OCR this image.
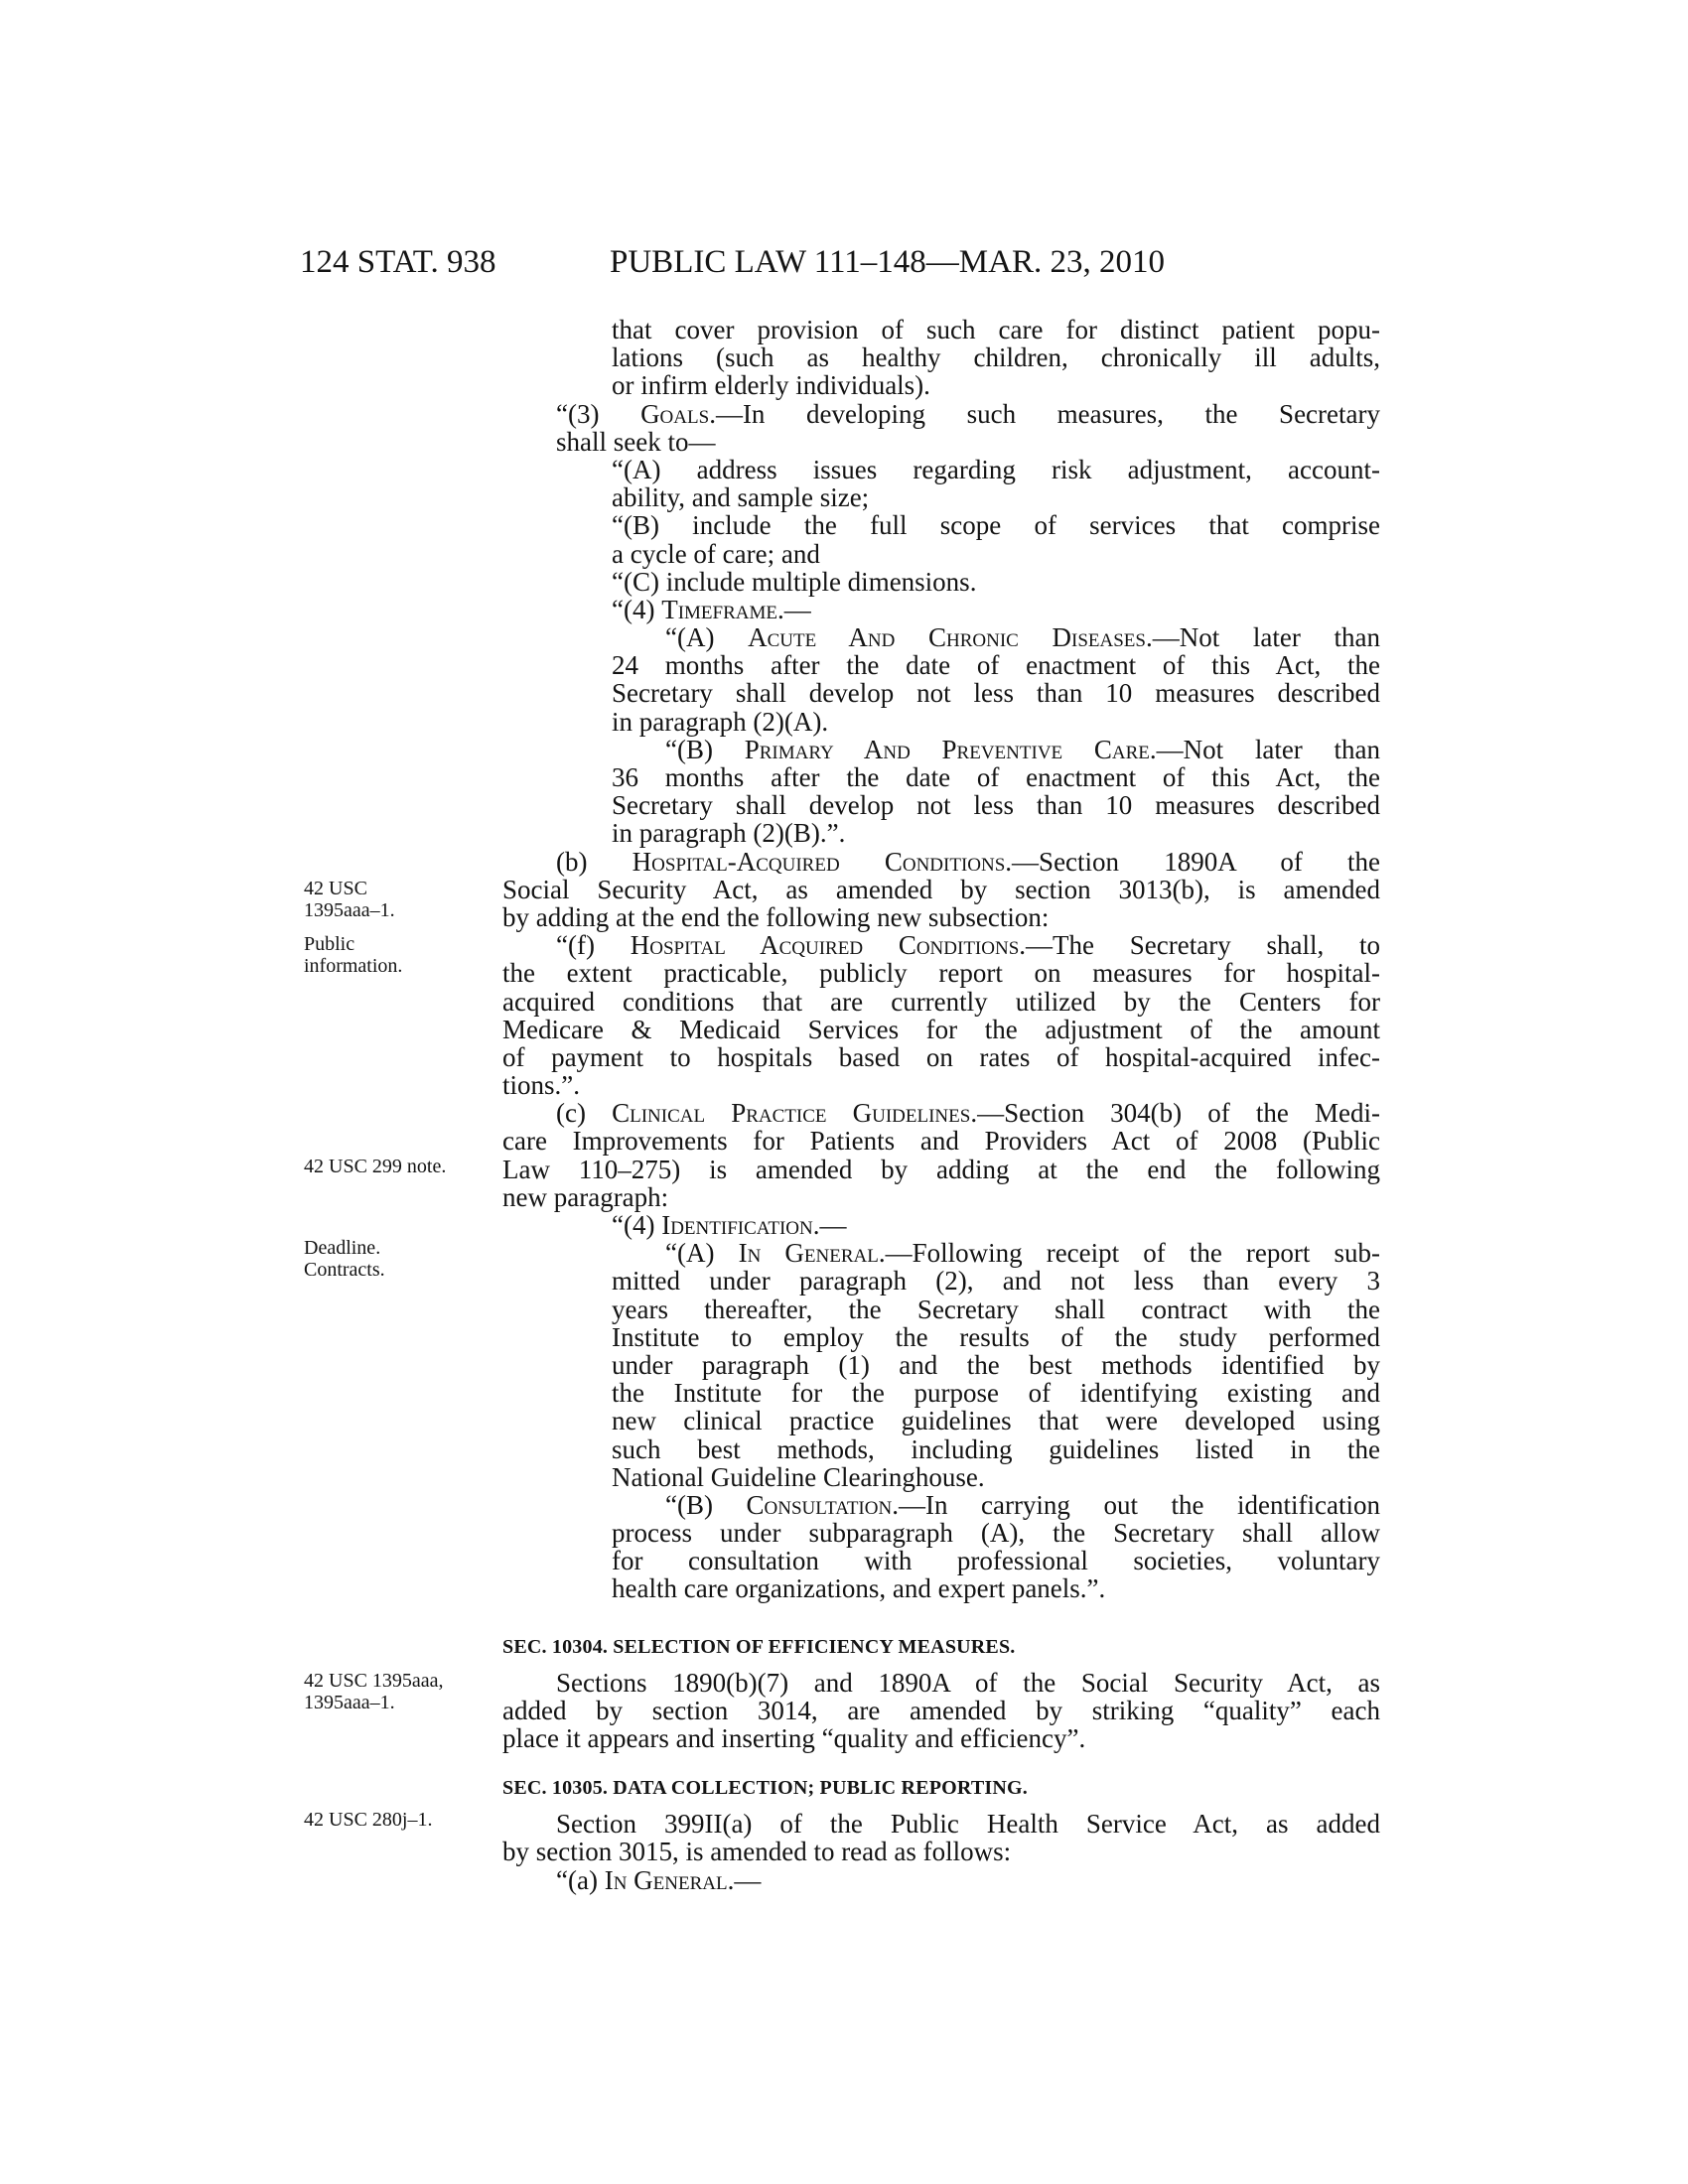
124 STAT. 938	PUBLIC LAW 111–148—MAR. 23, 2010
42 USC
1395aaa–1.
Public
information.
42 USC 299 note.
Deadline.
Contracts.
42 USC 1395aaa,
1395aaa–1.
42 USC 280j–1.
that cover provision of such care for distinct patient popu-
lations (such as healthy children, chronically ill adults,
or infirm elderly individuals).
“(3) Goals.—In developing such measures, the Secretary
shall seek to—
“(A) address issues regarding risk adjustment, account-
ability, and sample size;
“(B) include the full scope of services that comprise
a cycle of care; and
“(C) include multiple dimensions.
“(4) Timeframe.—
“(A) Acute And Chronic Diseases.—Not later than
24 months after the date of enactment of this Act, the
Secretary shall develop not less than 10 measures described
in paragraph (2)(A).
“(B) Primary And Preventive Care.—Not later than
36 months after the date of enactment of this Act, the
Secretary shall develop not less than 10 measures described
in paragraph (2)(B).”.
(b) Hospital-Acquired Conditions.—Section 1890A of the
Social Security Act, as amended by section 3013(b), is amended
by adding at the end the following new subsection:
“(f) Hospital Acquired Conditions.—The Secretary shall, to
the extent practicable, publicly report on measures for hospital-
acquired conditions that are currently utilized by the Centers for
Medicare & Medicaid Services for the adjustment of the amount
of payment to hospitals based on rates of hospital-acquired infec-
tions.”.
(c) Clinical Practice Guidelines.—Section 304(b) of the Medi-
care Improvements for Patients and Providers Act of 2008 (Public
Law 110–275) is amended by adding at the end the following
new paragraph:
“(4) Identification.—
“(A) In General.—Following receipt of the report sub-
mitted under paragraph (2), and not less than every 3
years thereafter, the Secretary shall contract with the
Institute to employ the results of the study performed
under paragraph (1) and the best methods identified by
the Institute for the purpose of identifying existing and
new clinical practice guidelines that were developed using
such best methods, including guidelines listed in the
National Guideline Clearinghouse.
“(B) Consultation.—In carrying out the identification
process under subparagraph (A), the Secretary shall allow
for consultation with professional societies, voluntary
health care organizations, and expert panels.”.
SEC. 10304. SELECTION OF EFFICIENCY MEASURES.
Sections 1890(b)(7) and 1890A of the Social Security Act, as
added by section 3014, are amended by striking “quality” each
place it appears and inserting “quality and efficiency”.
SEC. 10305. DATA COLLECTION; PUBLIC REPORTING.
Section 399II(a) of the Public Health Service Act, as added
by section 3015, is amended to read as follows:
“(a) In General.—
